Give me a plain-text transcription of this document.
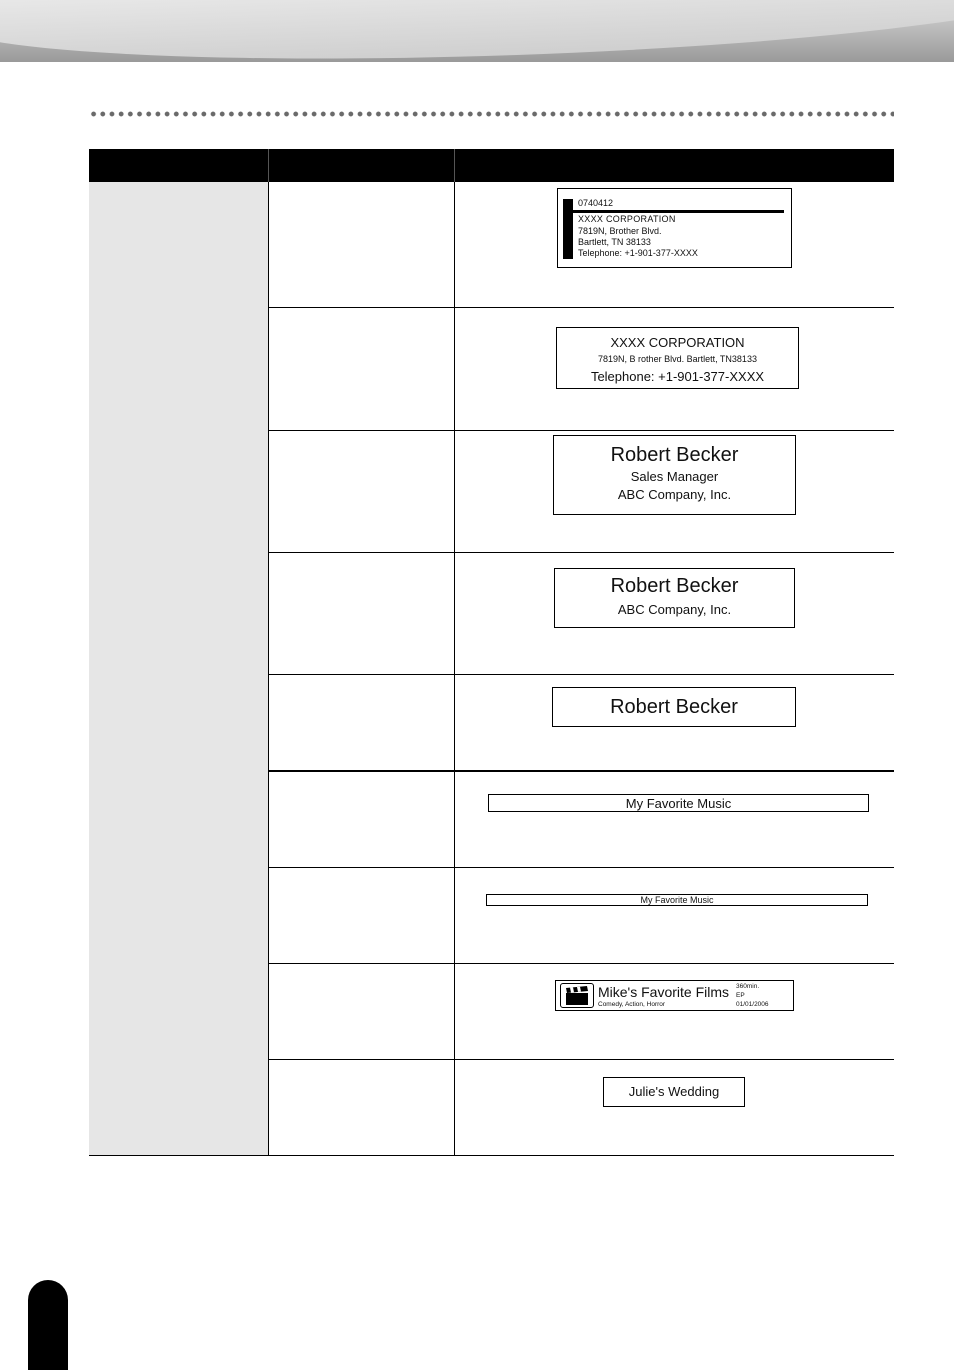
0740412
XXXX CORPORATION
7819N, Brother Blvd.
Bartlett, TN 38133
Telephone: +1-901-377-XXXX
XXXX CORPORATION
7819N, B rother Blvd. Bartlett, TN38133
Telephone: +1-901-377-XXXX
Robert Becker
Sales Manager
ABC Company, Inc.
Robert Becker
ABC Company, Inc.
Robert Becker
My Favorite Music
My Favorite Music
Mike's Favorite Films
Comedy, Action, Horror
360min.
EP
01/01/2006
Julie's Wedding
